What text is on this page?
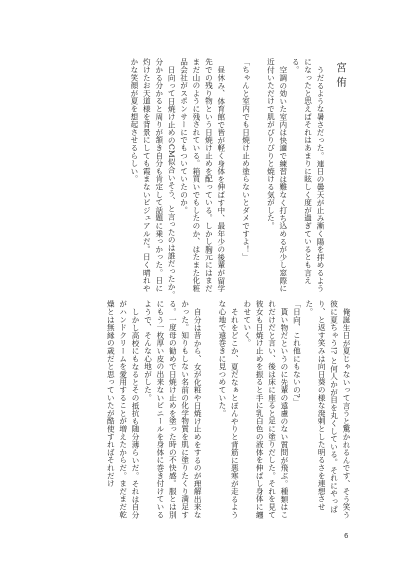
宮侑

うだるような暑さだった。連日の曇天が止み漸く陽を拝めるようになったと思えばそれはあまりに眩しく度が過ぎているとも言える。

空調の効いた室内は快適で練習は難なく打ち込めるが少し窓際に近付いただけで肌がぴりぴりと焼ける気がした。

「ちゃんと室内でも日焼け止め塗らないとダメですよ！」

昼休み、体育館で皆が軽く身体を伸ばす中、最年少の後輩が留学先での残り物という日焼け止めを配っている。しかし胸元にはまだまだ山のように残されている。箱買いでもしたのか、はたまた化粧品会社がスポンサーにでもついていたのか。

日向って日焼け止めのCM似合いそう、と言ったのは誰だったか。分かる分かると周りが頷き自分も肯定して話題に乗っかった。日に灼けたお天道様を背景にしても霞まないビジュアルだ。日く晴れやかな笑顔が夏を想起させるらしい。

俺誕生日が夏じゃないって言うと驚かれるんです、そう笑う彼に夏ちゃう!? と何人かが目を丸くしている。それにやっぱり、と返す笑みは向日葵の様な溌剌とした明るさを連想させた。

「日向、これ他にもないの?」

貰い物だというのに先輩の遠慮のない質問が飛ぶ。種類はこれだけだと言い、後は床に座ると足に塗りだした。それを見て彼女も日焼け止めを振ると手に乳白色の液体を伸ばし身体に纏わせていく。

それをどこか、夏だなぁとぼんやりと背筋に悪寒が走るような心地で遠巻きに見つめていた。

自分は昔から、女が化粧や日焼け止めをするのが理解出来なかった。知りもしない名前の化学物質を肌に塗りたくり満足する。一度母の勧めで日焼け止めを塗った時の不快感。服とは別にもう一枚厚い皮の出来ないビニールを身体に巻き付けているようで、そんな心地がした。

しかし高校にもなるとその抵抗も随分薄らいだ。それは自分がハンドクリームを愛用することが増えたからだ。まだまだ乾燥とは無縁の歳だと思っていたが酷使すればそれだけ

6
